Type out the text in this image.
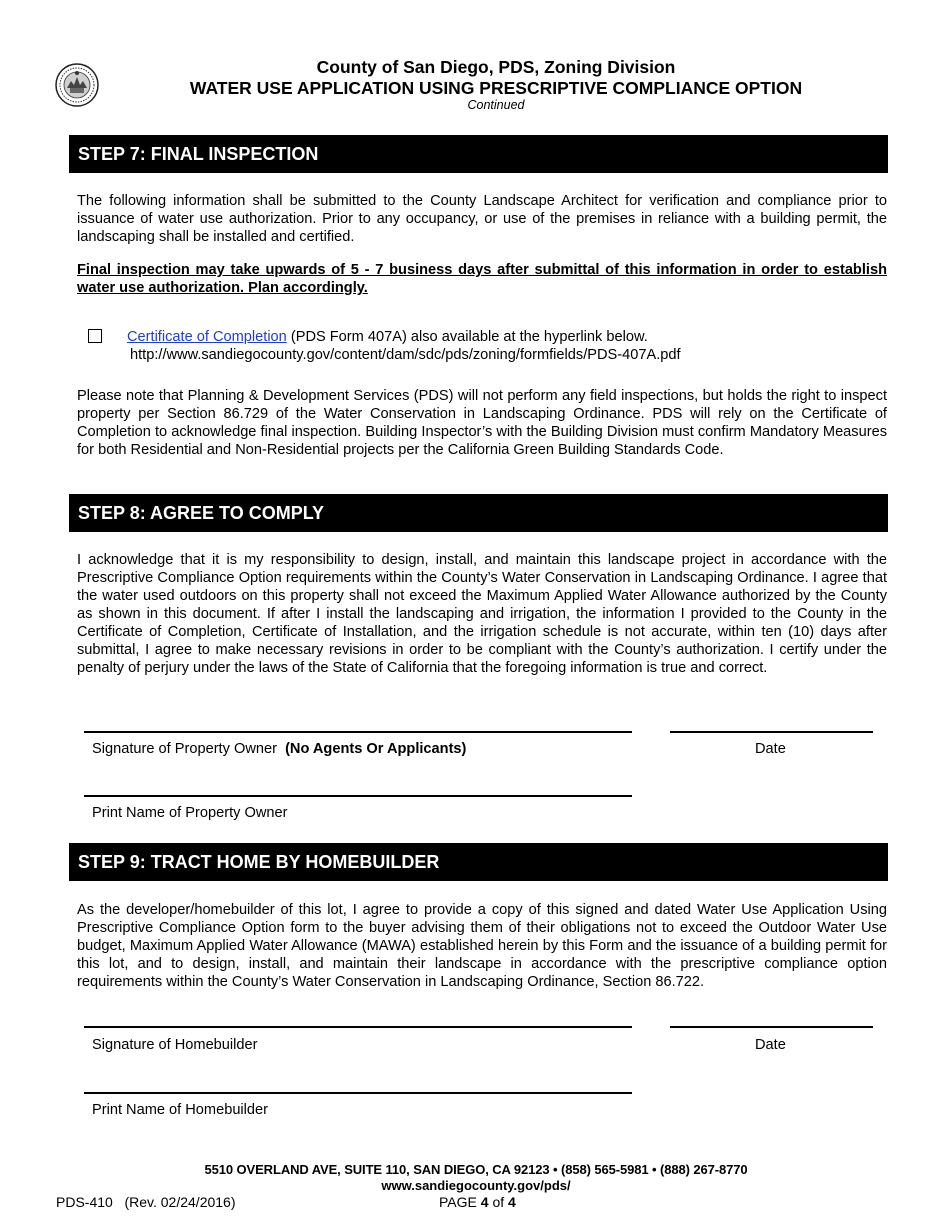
County of San Diego, PDS, Zoning Division
WATER USE APPLICATION USING PRESCRIPTIVE COMPLIANCE OPTION
Continued
STEP 7: FINAL INSPECTION
The following information shall be submitted to the County Landscape Architect for verification and compliance prior to issuance of water use authorization. Prior to any occupancy, or use of the premises in reliance with a building permit, the landscaping shall be installed and certified.
Final inspection may take upwards of 5 - 7 business days after submittal of this information in order to establish water use authorization. Plan accordingly.
Certificate of Completion (PDS Form 407A) also available at the hyperlink below.
http://www.sandiegocounty.gov/content/dam/sdc/pds/zoning/formfields/PDS-407A.pdf
Please note that Planning & Development Services (PDS) will not perform any field inspections, but holds the right to inspect property per Section 86.729 of the Water Conservation in Landscaping Ordinance. PDS will rely on the Certificate of Completion to acknowledge final inspection. Building Inspector’s with the Building Division must confirm Mandatory Measures for both Residential and Non-Residential projects per the California Green Building Standards Code.
STEP 8: AGREE TO COMPLY
I acknowledge that it is my responsibility to design, install, and maintain this landscape project in accordance with the Prescriptive Compliance Option requirements within the County’s Water Conservation in Landscaping Ordinance. I agree that the water used outdoors on this property shall not exceed the Maximum Applied Water Allowance authorized by the County as shown in this document. If after I install the landscaping and irrigation, the information I provided to the County in the Certificate of Completion, Certificate of Installation, and the irrigation schedule is not accurate, within ten (10) days after submittal, I agree to make necessary revisions in order to be compliant with the County’s authorization. I certify under the penalty of perjury under the laws of the State of California that the foregoing information is true and correct.
Signature of Property Owner (No Agents Or Applicants)	Date
Print Name of Property Owner
STEP 9: TRACT HOME BY HOMEBUILDER
As the developer/homebuilder of this lot, I agree to provide a copy of this signed and dated Water Use Application Using Prescriptive Compliance Option form to the buyer advising them of their obligations not to exceed the Outdoor Water Use budget, Maximum Applied Water Allowance (MAWA) established herein by this Form and the issuance of a building permit for this lot, and to design, install, and maintain their landscape in accordance with the prescriptive compliance option requirements within the County’s Water Conservation in Landscaping Ordinance, Section 86.722.
Signature of Homebuilder	Date
Print Name of Homebuilder
5510 OVERLAND AVE, SUITE 110, SAN DIEGO, CA 92123 • (858) 565-5981 • (888) 267-8770
www.sandiegocounty.gov/pds/
PDS-410   (Rev. 02/24/2016)	PAGE 4 of 4
